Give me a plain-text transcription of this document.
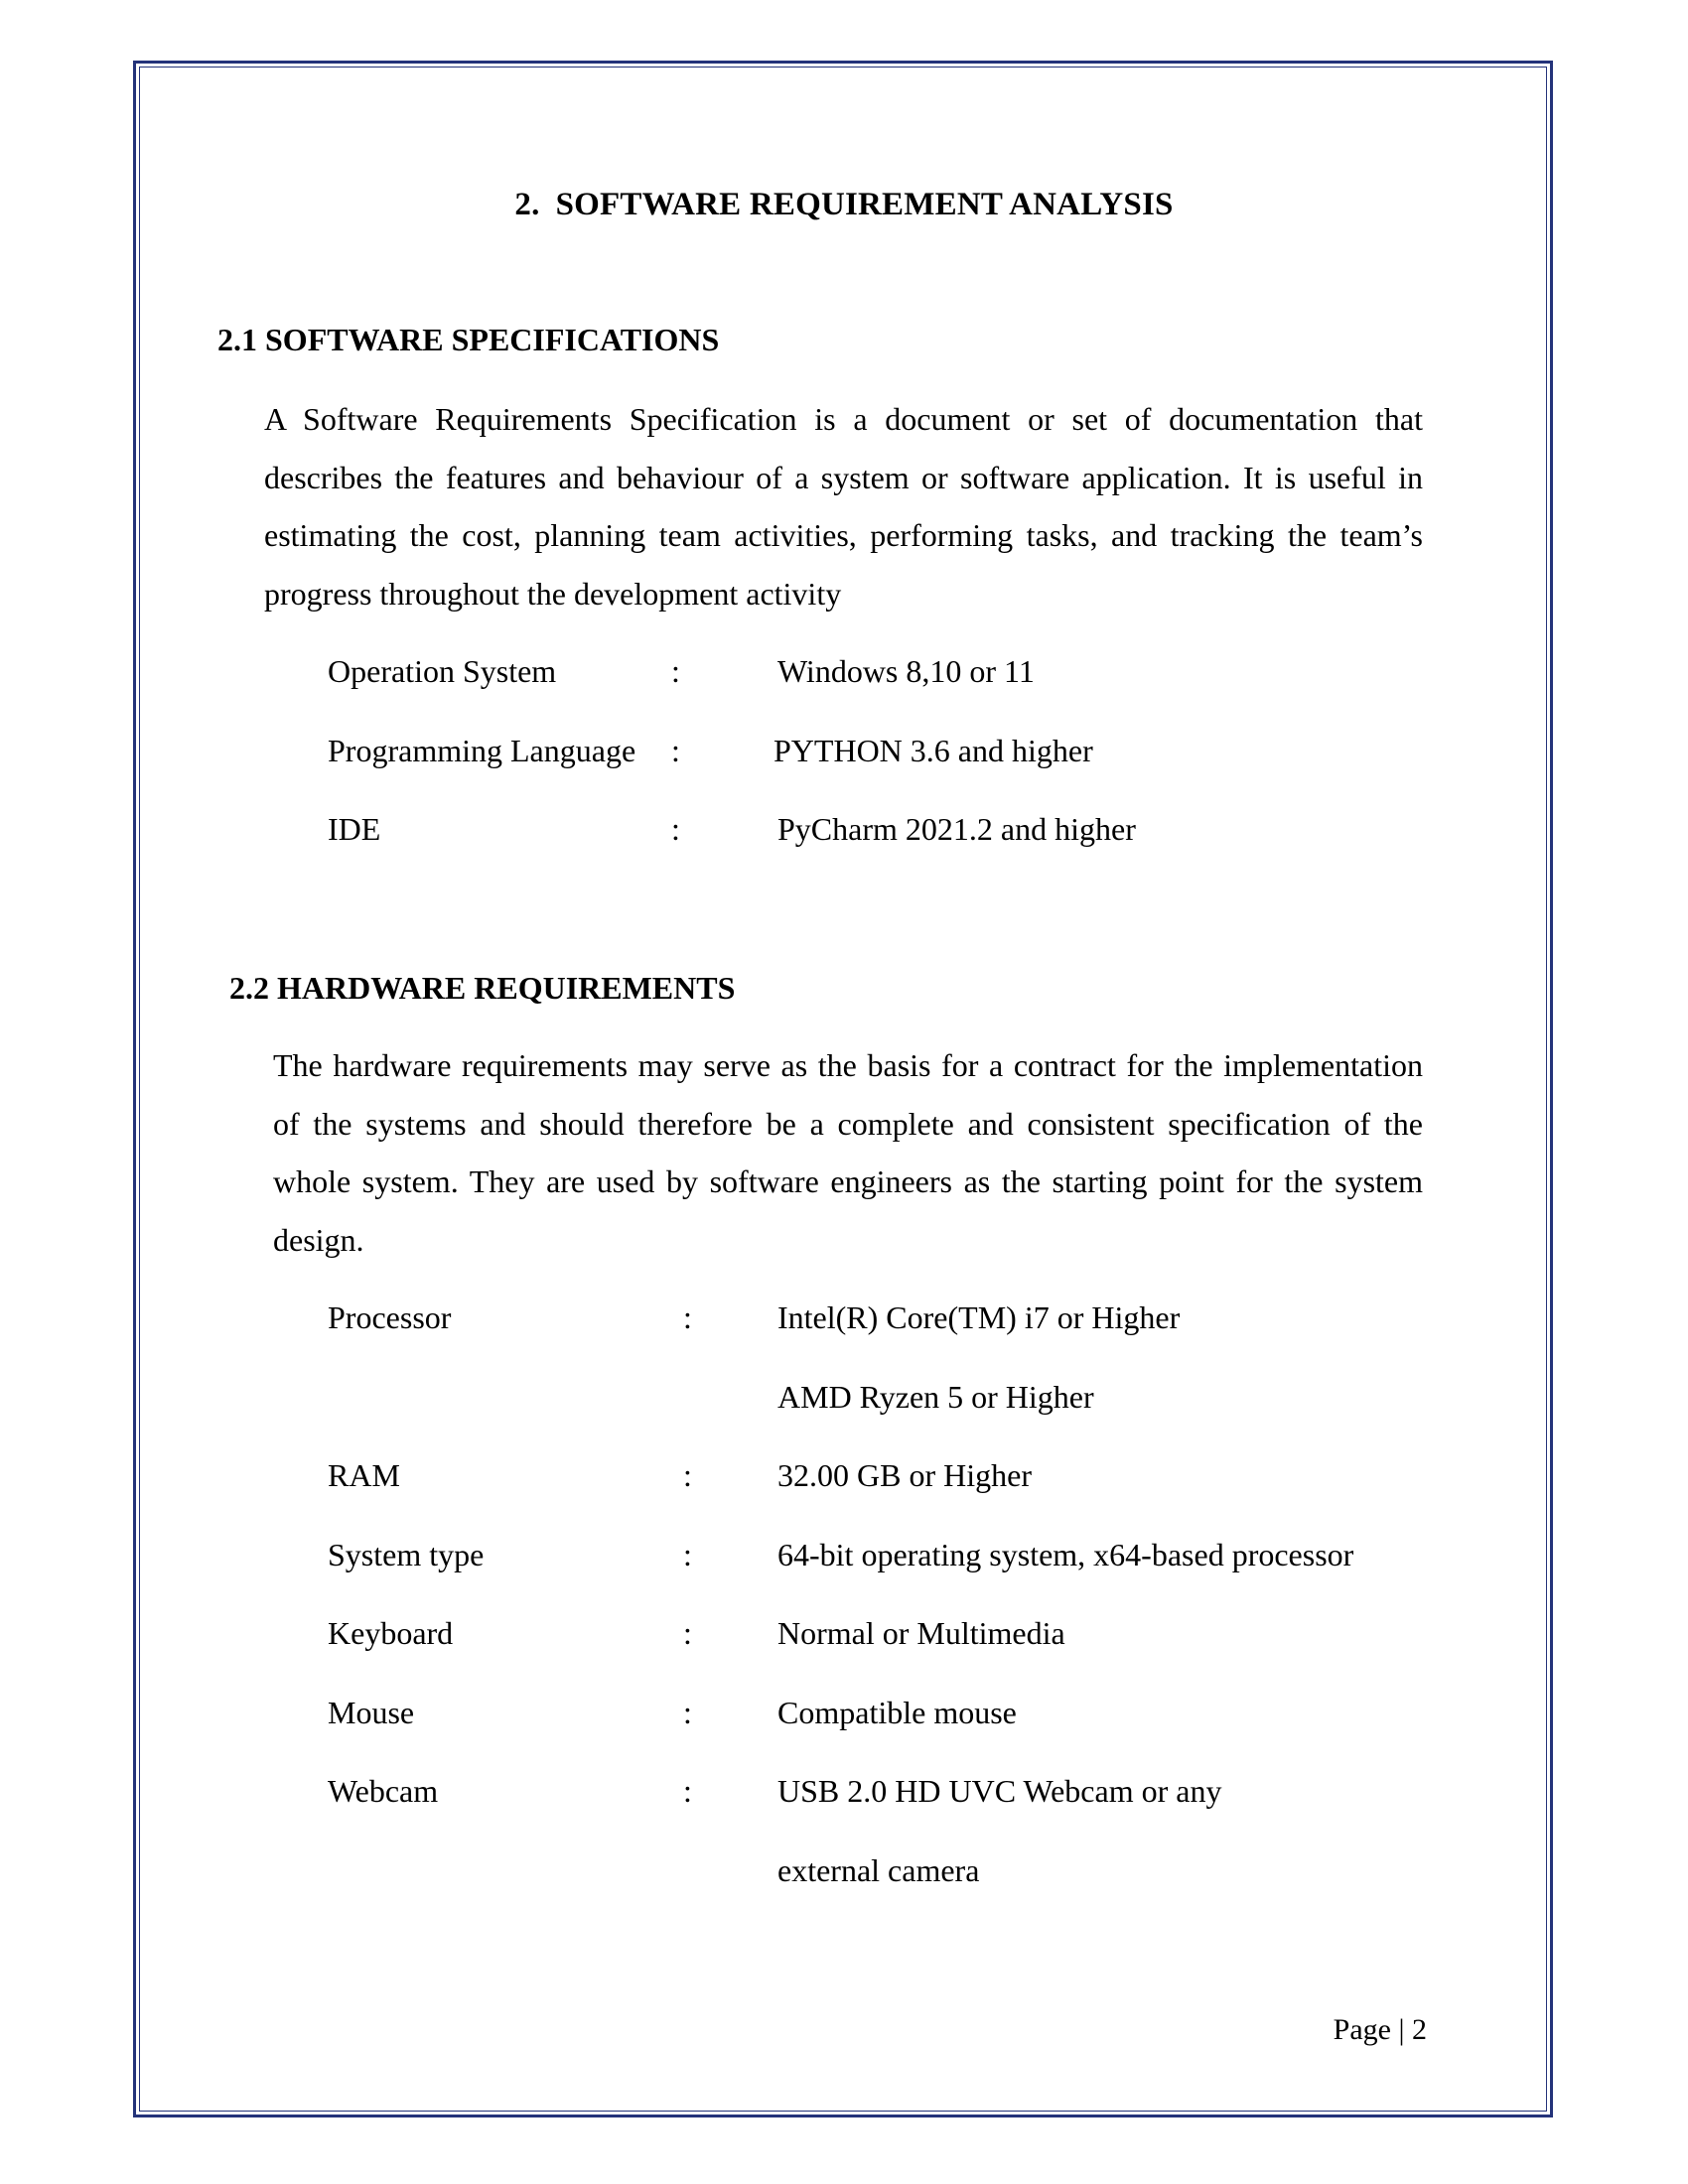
2. SOFTWARE REQUIREMENT ANALYSIS
2.1 SOFTWARE SPECIFICATIONS
A Software Requirements Specification is a document or set of documentation that describes the features and behaviour of a system or software application. It is useful in estimating the cost, planning team activities, performing tasks, and tracking the team’s progress throughout the development activity
Operation System	:	Windows 8,10 or 11
Programming Language :	PYTHON 3.6 and higher
IDE	:	PyCharm 2021.2 and higher
2.2 HARDWARE REQUIREMENTS
The hardware requirements may serve as the basis for a contract for the implementation of the systems and should therefore be a complete and consistent specification of the whole system. They are used by software engineers as the starting point for the system design.
Processor	:	Intel(R) Core(TM) i7 or Higher
AMD Ryzen 5 or Higher
RAM	:	32.00 GB or Higher
System type	:	64-bit operating system, x64-based processor
Keyboard	:	Normal or Multimedia
Mouse	:	Compatible mouse
Webcam	:	USB 2.0 HD UVC Webcam or any
external camera
Page | 2
